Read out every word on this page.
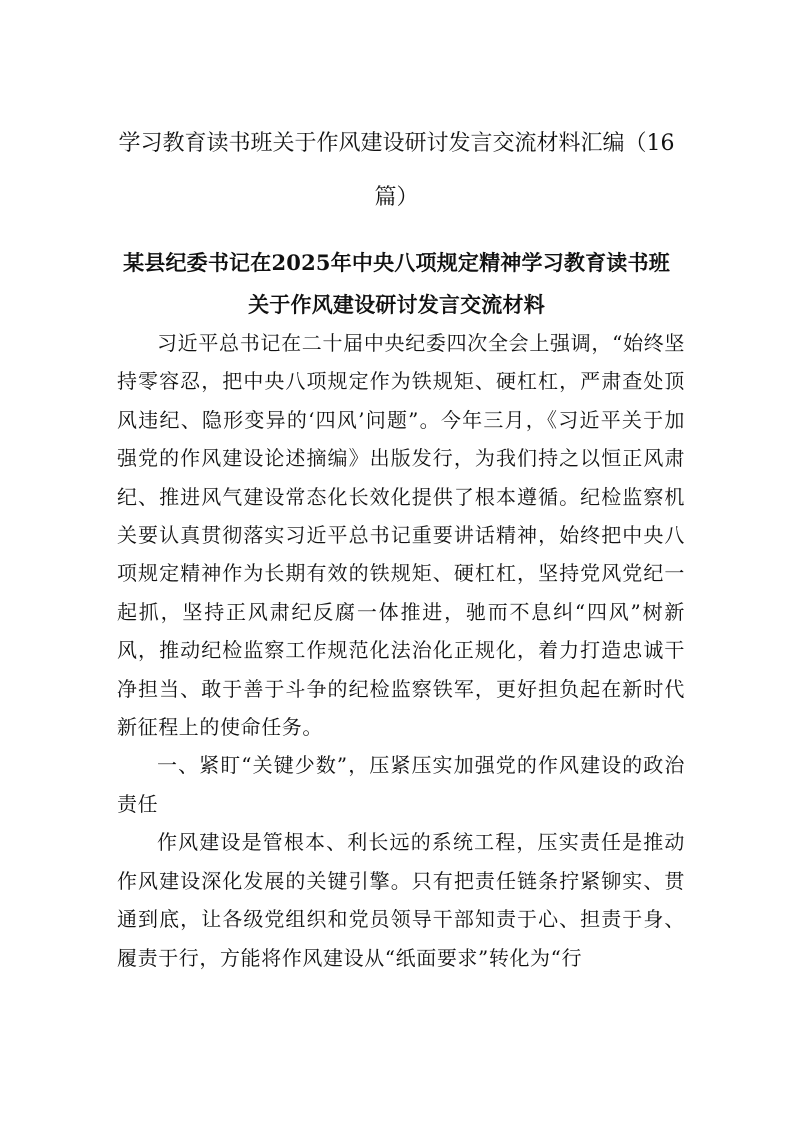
学习教育读书班关于作风建设研讨发言交流材料汇编（16
篇）
某县纪委书记在2025年中央八项规定精神学习教育读书班
关于作风建设研讨发言交流材料

习近平总书记在二十届中央纪委四次全会上强调，“始终坚持零容忍，把中央八项规定作为铁规矩、硬杠杠，严肃查处顶风违纪、隐形变异的‘四风’问题”。今年三月，《习近平关于加强党的作风建设论述摘编》出版发行，为我们持之以恒正风肃纪、推进风气建设常态化长效化提供了根本遵循。纪检监察机关要认真贯彻落实习近平总书记重要讲话精神，始终把中央八项规定精神作为长期有效的铁规矩、硬杠杠，坚持党风党纪一起抓，坚持正风肃纪反腐一体推进，驰而不息纠“四风”树新风，推动纪检监察工作规范化法治化正规化，着力打造忠诚干净担当、敢于善于斗争的纪检监察铁军，更好担负起在新时代新征程上的使命任务。

一、紧盯“关键少数”，压紧压实加强党的作风建设的政治责任

作风建设是管根本、利长远的系统工程，压实责任是推动作风建设深化发展的关键引擎。只有把责任链条拧紧铆实、贯通到底，让各级党组织和党员领导干部知责于心、担责于身、履责于行，方能将作风建设从“纸面要求”转化为“行
